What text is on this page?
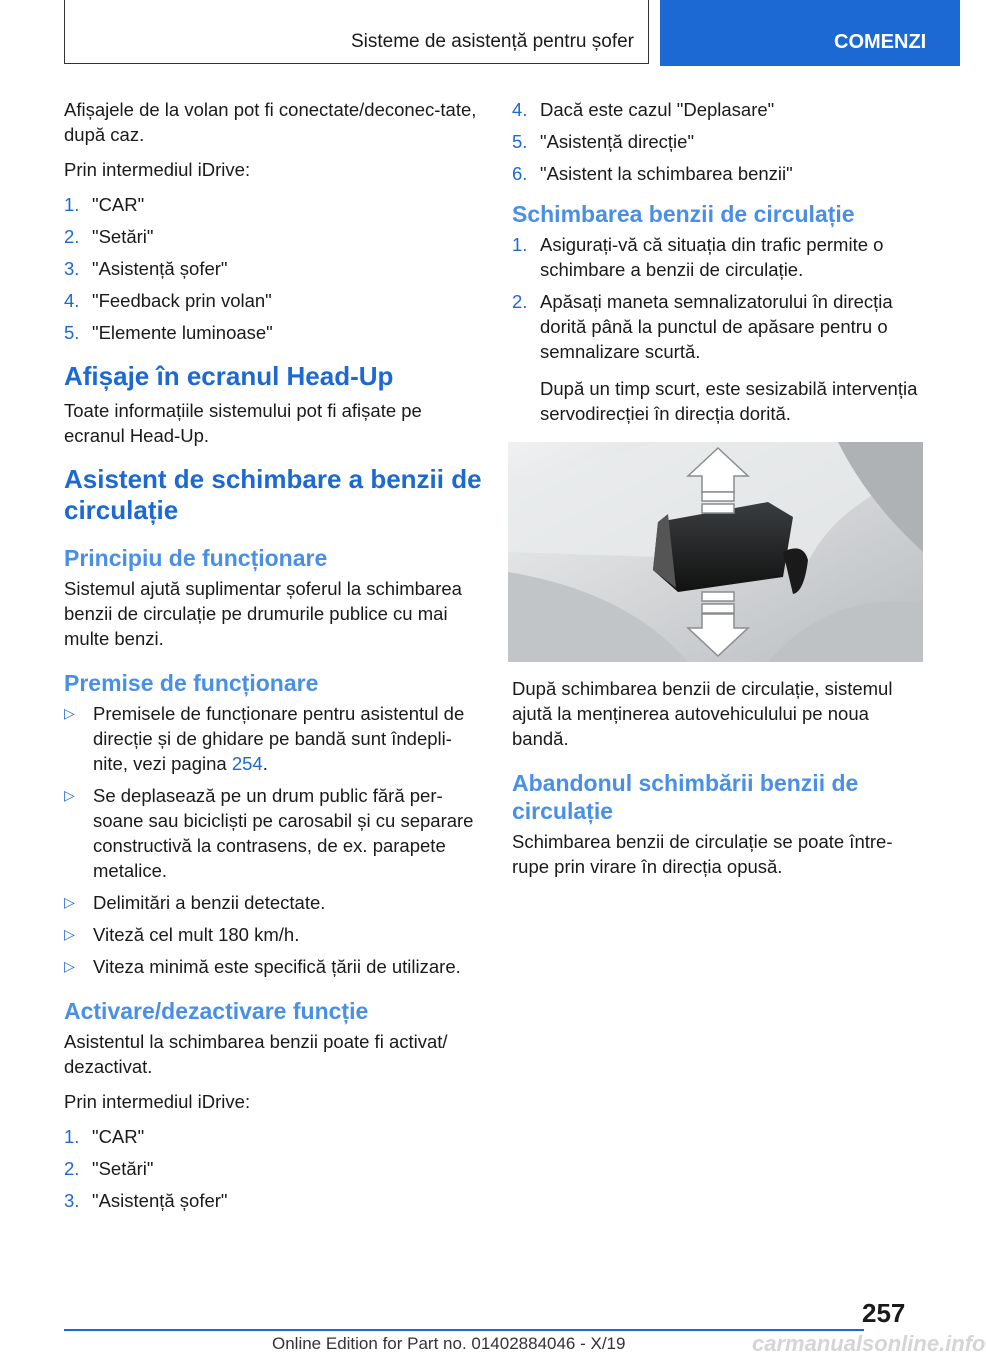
Sisteme de asistență pentru șofer	COMENZI

Afișajele de la volan pot fi conectate/deconec-tate, după caz.

Prin intermediul iDrive:

1. "CAR"
2. "Setări"
3. "Asistență șofer"
4. "Feedback prin volan"
5. "Elemente luminoase"
Afișaje în ecranul Head-Up

Toate informațiile sistemului pot fi afișate pe ecranul Head-Up.

Asistent de schimbare a benzii de circulație
Principiu de funcționare

Sistemul ajută suplimentar șoferul la schimbarea benzii de circulație pe drumurile publice cu mai multe benzi.

Premise de funcționare
▷ Premisele de funcționare pentru asistentul de direcție și de ghidare pe bandă sunt îndepli-nite, vezi pagina 254.
▷ Se deplasează pe un drum public fără per-soane sau bicicliști pe carosabil și cu separare constructivă la contrasens, de ex. parapete metalice.
▷ Delimitări a benzii detectate.
▷ Viteză cel mult 180 km/h.
▷ Viteza minimă este specifică țării de utilizare.
Activare/dezactivare funcție

Asistentul la schimbarea benzii poate fi activat/ dezactivat.

Prin intermediul iDrive:

1. "CAR"
2. "Setări"
3. "Asistență șofer"
4. Dacă este cazul "Deplasare"
5. "Asistență direcție"
6. "Asistent la schimbarea benzii"
Schimbarea benzii de circulație
1. Asigurați-vă că situația din trafic permite o schimbare a benzii de circulație.
2. Apăsați maneta semnalizatorului în direcția dorită până la punctul de apăsare pentru o semnalizare scurtă.

După un timp scurt, este sesizabilă intervenția servodirecției în direcția dorită.

După schimbarea benzii de circulație, sistemul ajută la menținerea autovehiculului pe noua bandă.

Abandonul schimbării benzii de circulație

Schimbarea benzii de circulație se poate între-rupe prin virare în direcția opusă.

257
Online Edition for Part no. 01402884046 - X/19	carmanualsonline.info
